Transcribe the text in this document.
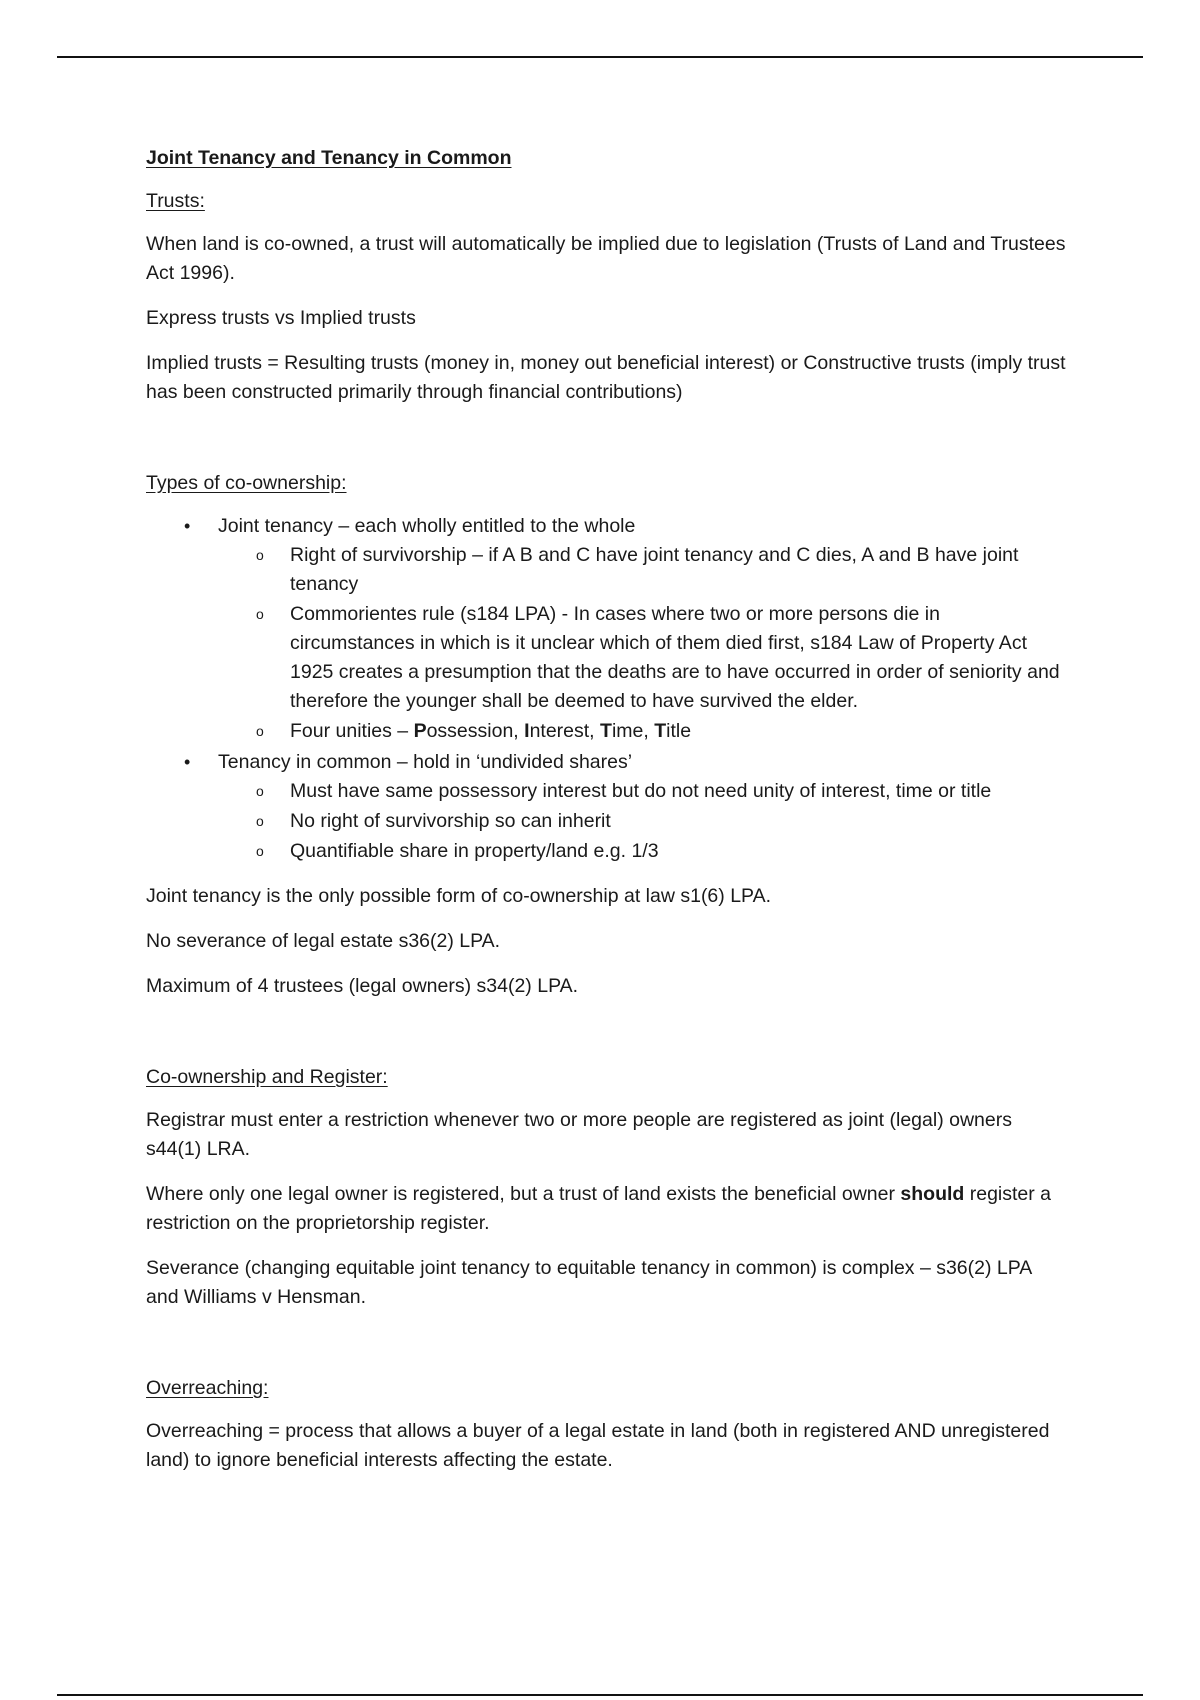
Joint Tenancy and Tenancy in Common
Trusts:

When land is co-owned, a trust will automatically be implied due to legislation (Trusts of Land and Trustees Act 1996).

Express trusts vs Implied trusts

Implied trusts = Resulting trusts (money in, money out beneficial interest) or Constructive trusts (imply trust has been constructed primarily through financial contributions)

Types of co-ownership:
• Joint tenancy – each wholly entitled to the whole
o Right of survivorship – if A B and C have joint tenancy and C dies, A and B have joint tenancy
o Commorientes rule (s184 LPA) - In cases where two or more persons die in circumstances in which is it unclear which of them died first, s184 Law of Property Act 1925 creates a presumption that the deaths are to have occurred in order of seniority and therefore the younger shall be deemed to have survived the elder.
o Four unities – Possession, Interest, Time, Title
• Tenancy in common – hold in ‘undivided shares’
o Must have same possessory interest but do not need unity of interest, time or title
o No right of survivorship so can inherit
o Quantifiable share in property/land e.g. 1/3

Joint tenancy is the only possible form of co-ownership at law s1(6) LPA.

No severance of legal estate s36(2) LPA.

Maximum of 4 trustees (legal owners) s34(2) LPA.

Co-ownership and Register:

Registrar must enter a restriction whenever two or more people are registered as joint (legal) owners s44(1) LRA.

Where only one legal owner is registered, but a trust of land exists the beneficial owner should register a restriction on the proprietorship register.

Severance (changing equitable joint tenancy to equitable tenancy in common) is complex – s36(2) LPA and Williams v Hensman.

Overreaching:

Overreaching = process that allows a buyer of a legal estate in land (both in registered AND unregistered land) to ignore beneficial interests affecting the estate.
